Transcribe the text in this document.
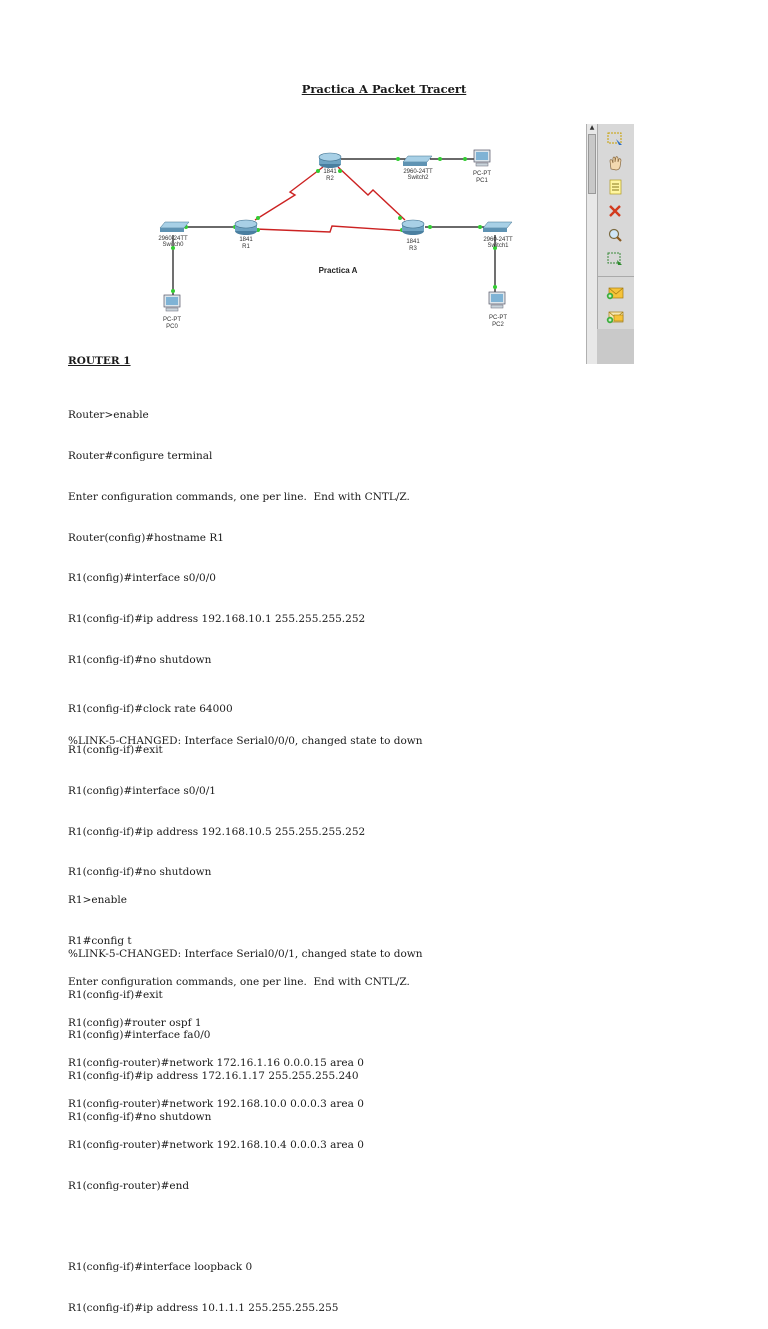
Practica A Packet Tracert
1841
R2
2960-24TT
Switch2
PC-PT
PC1
2960-24TT
Switch0
1841
R1
1841
R3
2960-24TT
Switch1
Practica A
PC-PT
PC0
PC-PT
PC2
▲
ROUTER 1

Router>enable

Router#configure terminal

Enter configuration commands, one per line.  End with CNTL/Z.

Router(config)#hostname R1

R1(config)#interface s0/0/0

R1(config-if)#ip address 192.168.10.1 255.255.255.252

R1(config-if)#no shutdown

%LINK-5-CHANGED: Interface Serial0/0/0, changed state to down

R1(config-if)#clock rate 64000

R1(config-if)#exit

R1(config)#interface s0/0/1

R1(config-if)#ip address 192.168.10.5 255.255.255.252

R1(config-if)#no shutdown

%LINK-5-CHANGED: Interface Serial0/0/1, changed state to down

R1(config-if)#exit

R1(config)#interface fa0/0

R1(config-if)#ip address 172.16.1.17 255.255.255.240

R1(config-if)#no shutdown

R1>enable

R1#config t

Enter configuration commands, one per line.  End with CNTL/Z.

R1(config)#router ospf 1

R1(config-router)#network 172.16.1.16 0.0.0.15 area 0

R1(config-router)#network 192.168.10.0 0.0.0.3 area 0

R1(config-router)#network 192.168.10.4 0.0.0.3 area 0

R1(config-router)#end

R1(config-if)#interface loopback 0

R1(config-if)#ip address 10.1.1.1 255.255.255.255
